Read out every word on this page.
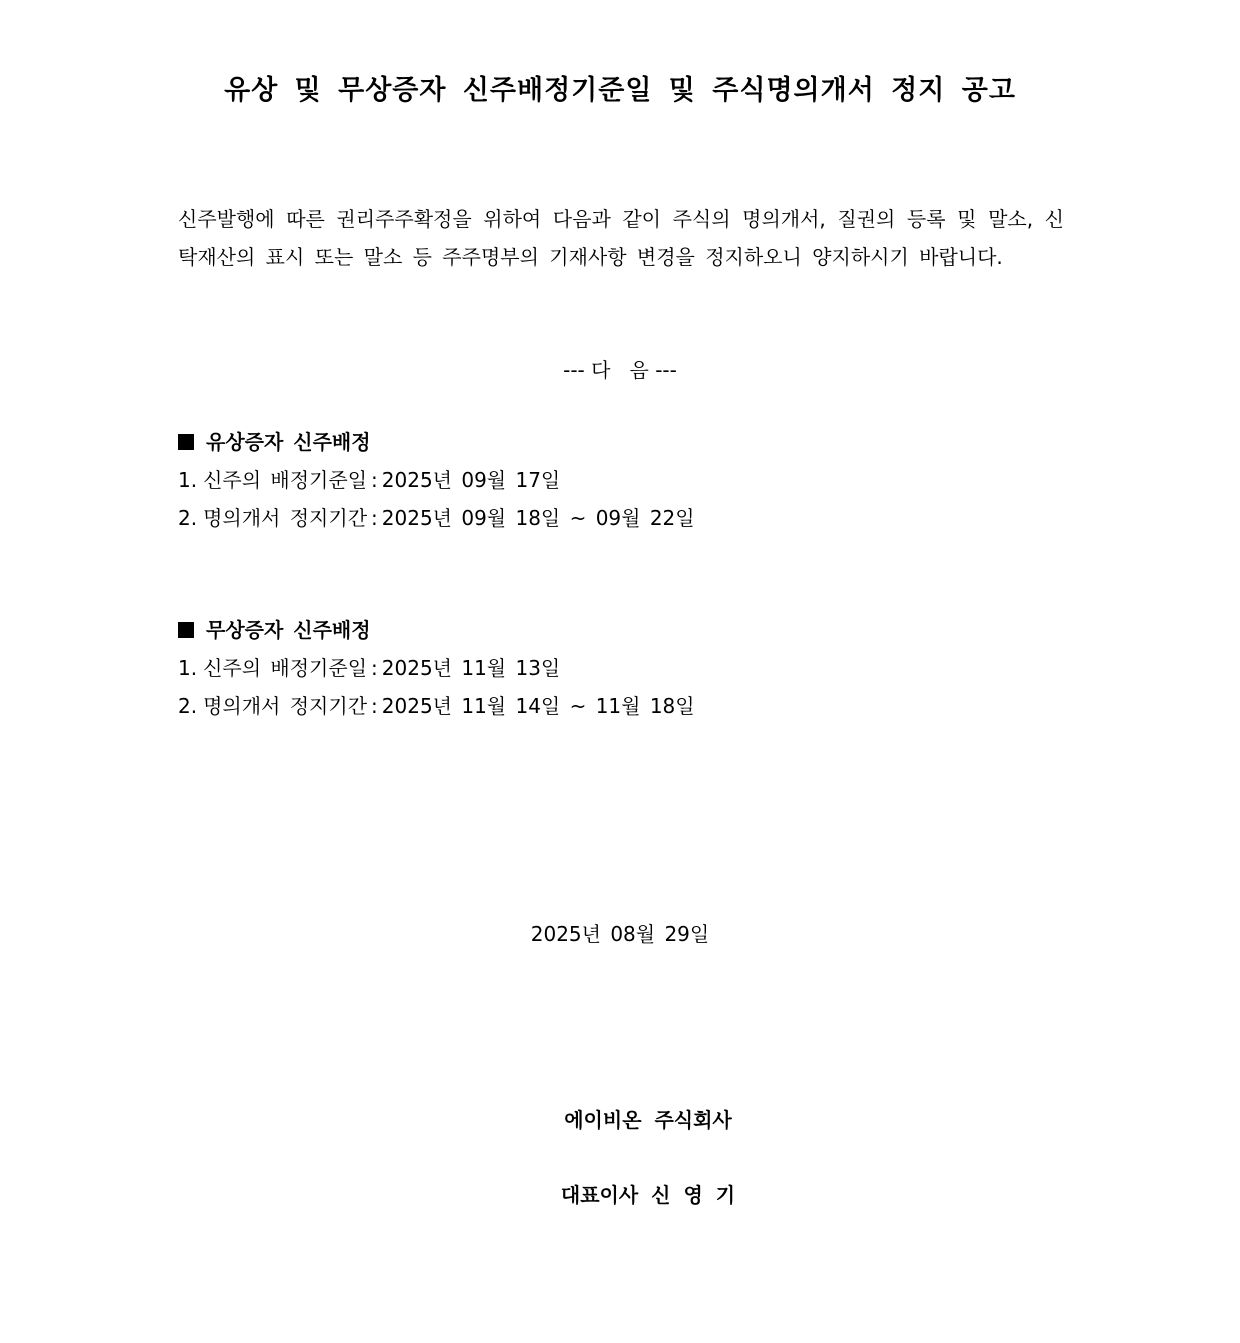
유상 및 무상증자 신주배정기준일 및 주식명의개서 정지 공고
신주발행에 따른 권리주주확정을 위하여 다음과 같이 주식의 명의개서, 질권의 등록 및 말소, 신탁재산의 표시 또는 말소 등 주주명부의 기재사항 변경을 정지하오니 양지하시기 바랍니다.
--- 다   음 ---
유상증자 신주배정
1. 신주의 배정기준일 : 2025년 09월 17일
2. 명의개서 정지기간 : 2025년 09월 18일 ~ 09월 22일
무상증자 신주배정
1. 신주의 배정기준일 : 2025년 11월 13일
2. 명의개서 정지기간 : 2025년 11월 14일 ~ 11월 18일
2025년 08월 29일
에이비온 주식회사
대표이사 신 영 기
